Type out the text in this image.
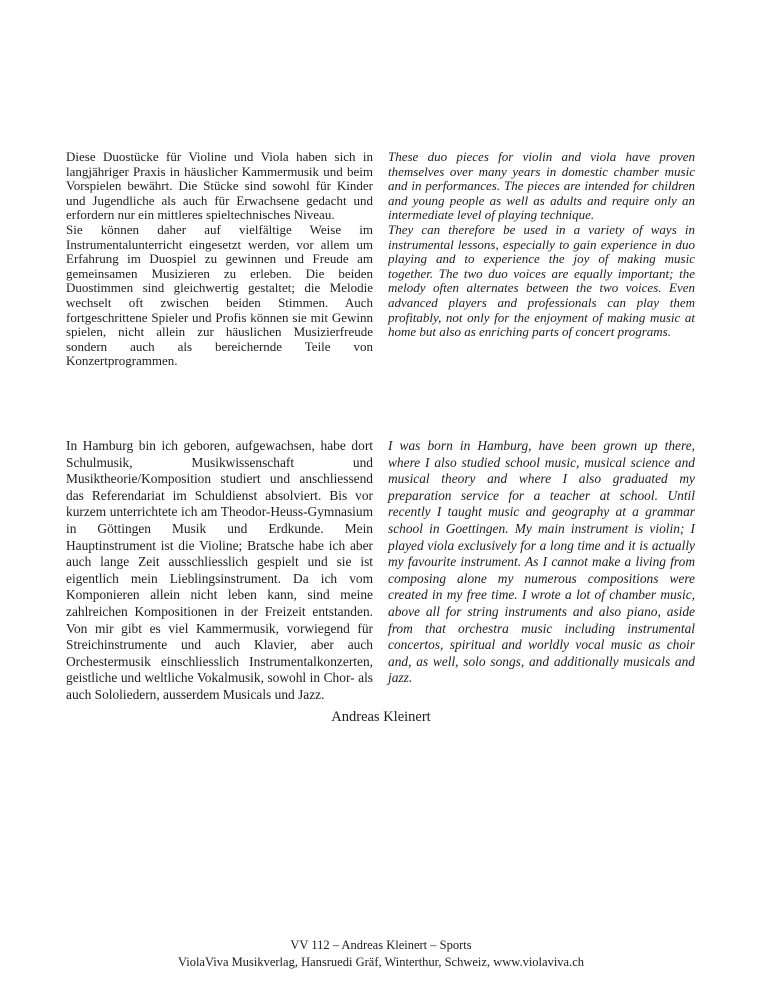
Diese Duostücke für Violine und Viola haben sich in langjähriger Praxis in häuslicher Kammermusik und beim Vorspielen bewährt. Die Stücke sind sowohl für Kinder und Jugendliche als auch für Erwachsene gedacht und erfordern nur ein mittleres spieltechnisches Niveau.

Sie können daher auf vielfältige Weise im Instrumentalunterricht eingesetzt werden, vor allem um Erfahrung im Duospiel zu gewinnen und Freude am gemeinsamen Musizieren zu erleben. Die beiden Duostimmen sind gleichwertig gestaltet; die Melodie wechselt oft zwischen beiden Stimmen. Auch fortgeschrittene Spieler und Profis können sie mit Gewinn spielen, nicht allein zur häuslichen Musizierfreude sondern auch als bereichernde Teile von Konzertprogrammen.

These duo pieces for violin and viola have proven themselves over many years in domestic chamber music and in performances. The pieces are intended for children and young people as well as adults and require only an intermediate level of playing technique.

They can therefore be used in a variety of ways in instrumental lessons, especially to gain experience in duo playing and to experience the joy of making music together. The two duo voices are equally important; the melody often alternates between the two voices. Even advanced players and professionals can play them profitably, not only for the enjoyment of making music at home but also as enriching parts of concert programs.

In Hamburg bin ich geboren, aufgewachsen, habe dort Schulmusik, Musikwissenschaft und Musiktheorie/Komposition studiert und anschliessend das Referendariat im Schuldienst absolviert. Bis vor kurzem unterrichtete ich am Theodor-Heuss-Gymnasium in Göttingen Musik und Erdkunde. Mein Hauptinstrument ist die Violine; Bratsche habe ich aber auch lange Zeit ausschliesslich gespielt und sie ist eigentlich mein Lieblingsinstrument. Da ich vom Komponieren allein nicht leben kann, sind meine zahlreichen Kompositionen in der Freizeit entstanden. Von mir gibt es viel Kammermusik, vorwiegend für Streichinstrumente und auch Klavier, aber auch Orchestermusik einschliesslich Instrumentalkonzerten, geistliche und weltliche Vokalmusik, sowohl in Chor- als auch Sololiedern, ausserdem Musicals und Jazz.

I was born in Hamburg, have been grown up there, where I also studied school music, musical science and musical theory and where I also graduated my preparation service for a teacher at school. Until recently I taught music and geography at a grammar school in Goettingen. My main instrument is violin; I played viola exclusively for a long time and it is actually my favourite instrument. As I cannot make a living from composing alone my numerous compositions were created in my free time. I wrote a lot of chamber music, above all for string instruments and also piano, aside from that orchestra music including instrumental concertos, spiritual and worldly vocal music as choir and, as well, solo songs, and additionally musicals and jazz.

Andreas Kleinert
VV 112 – Andreas Kleinert – Sports
ViolaViva Musikverlag, Hansruedi Gräf, Winterthur, Schweiz, www.violaviva.ch
